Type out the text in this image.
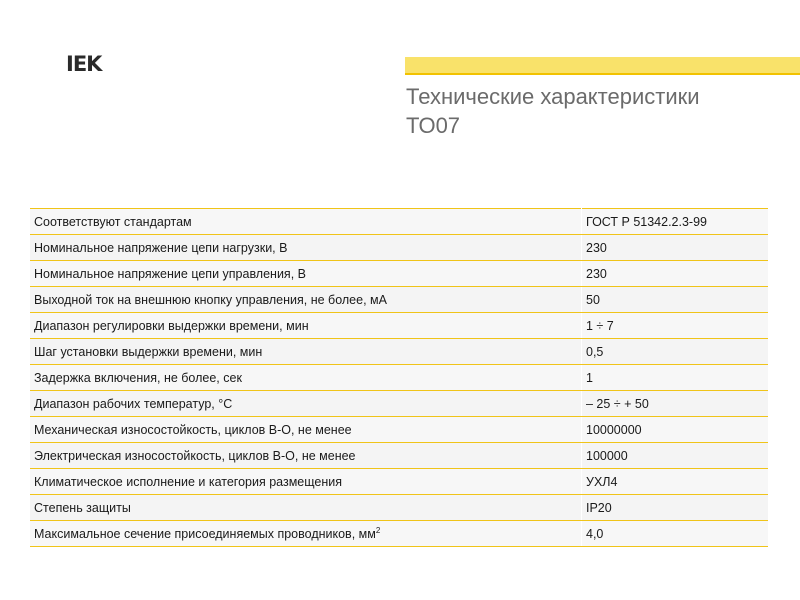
IEK
Технические характеристики
ТО07
Соответствуют стандартам	ГОСТ Р 51342.2.3-99
Номинальное напряжение цепи нагрузки, В	230
Номинальное напряжение цепи управления, В	230
Выходной ток на внешнюю кнопку управления, не более, мА	50
Диапазон регулировки выдержки времени, мин	1 ÷ 7
Шаг установки выдержки времени, мин	0,5
Задержка включения, не более, сек	1
Диапазон рабочих температур, °С	– 25 ÷ + 50
Механическая износостойкость, циклов В-О, не менее	10000000
Электрическая износостойкость, циклов В-О, не менее	100000
Климатическое исполнение и категория размещения	УХЛ4
Степень защиты	IP20
Максимальное сечение присоединяемых проводников, $мм^2$	4,0
